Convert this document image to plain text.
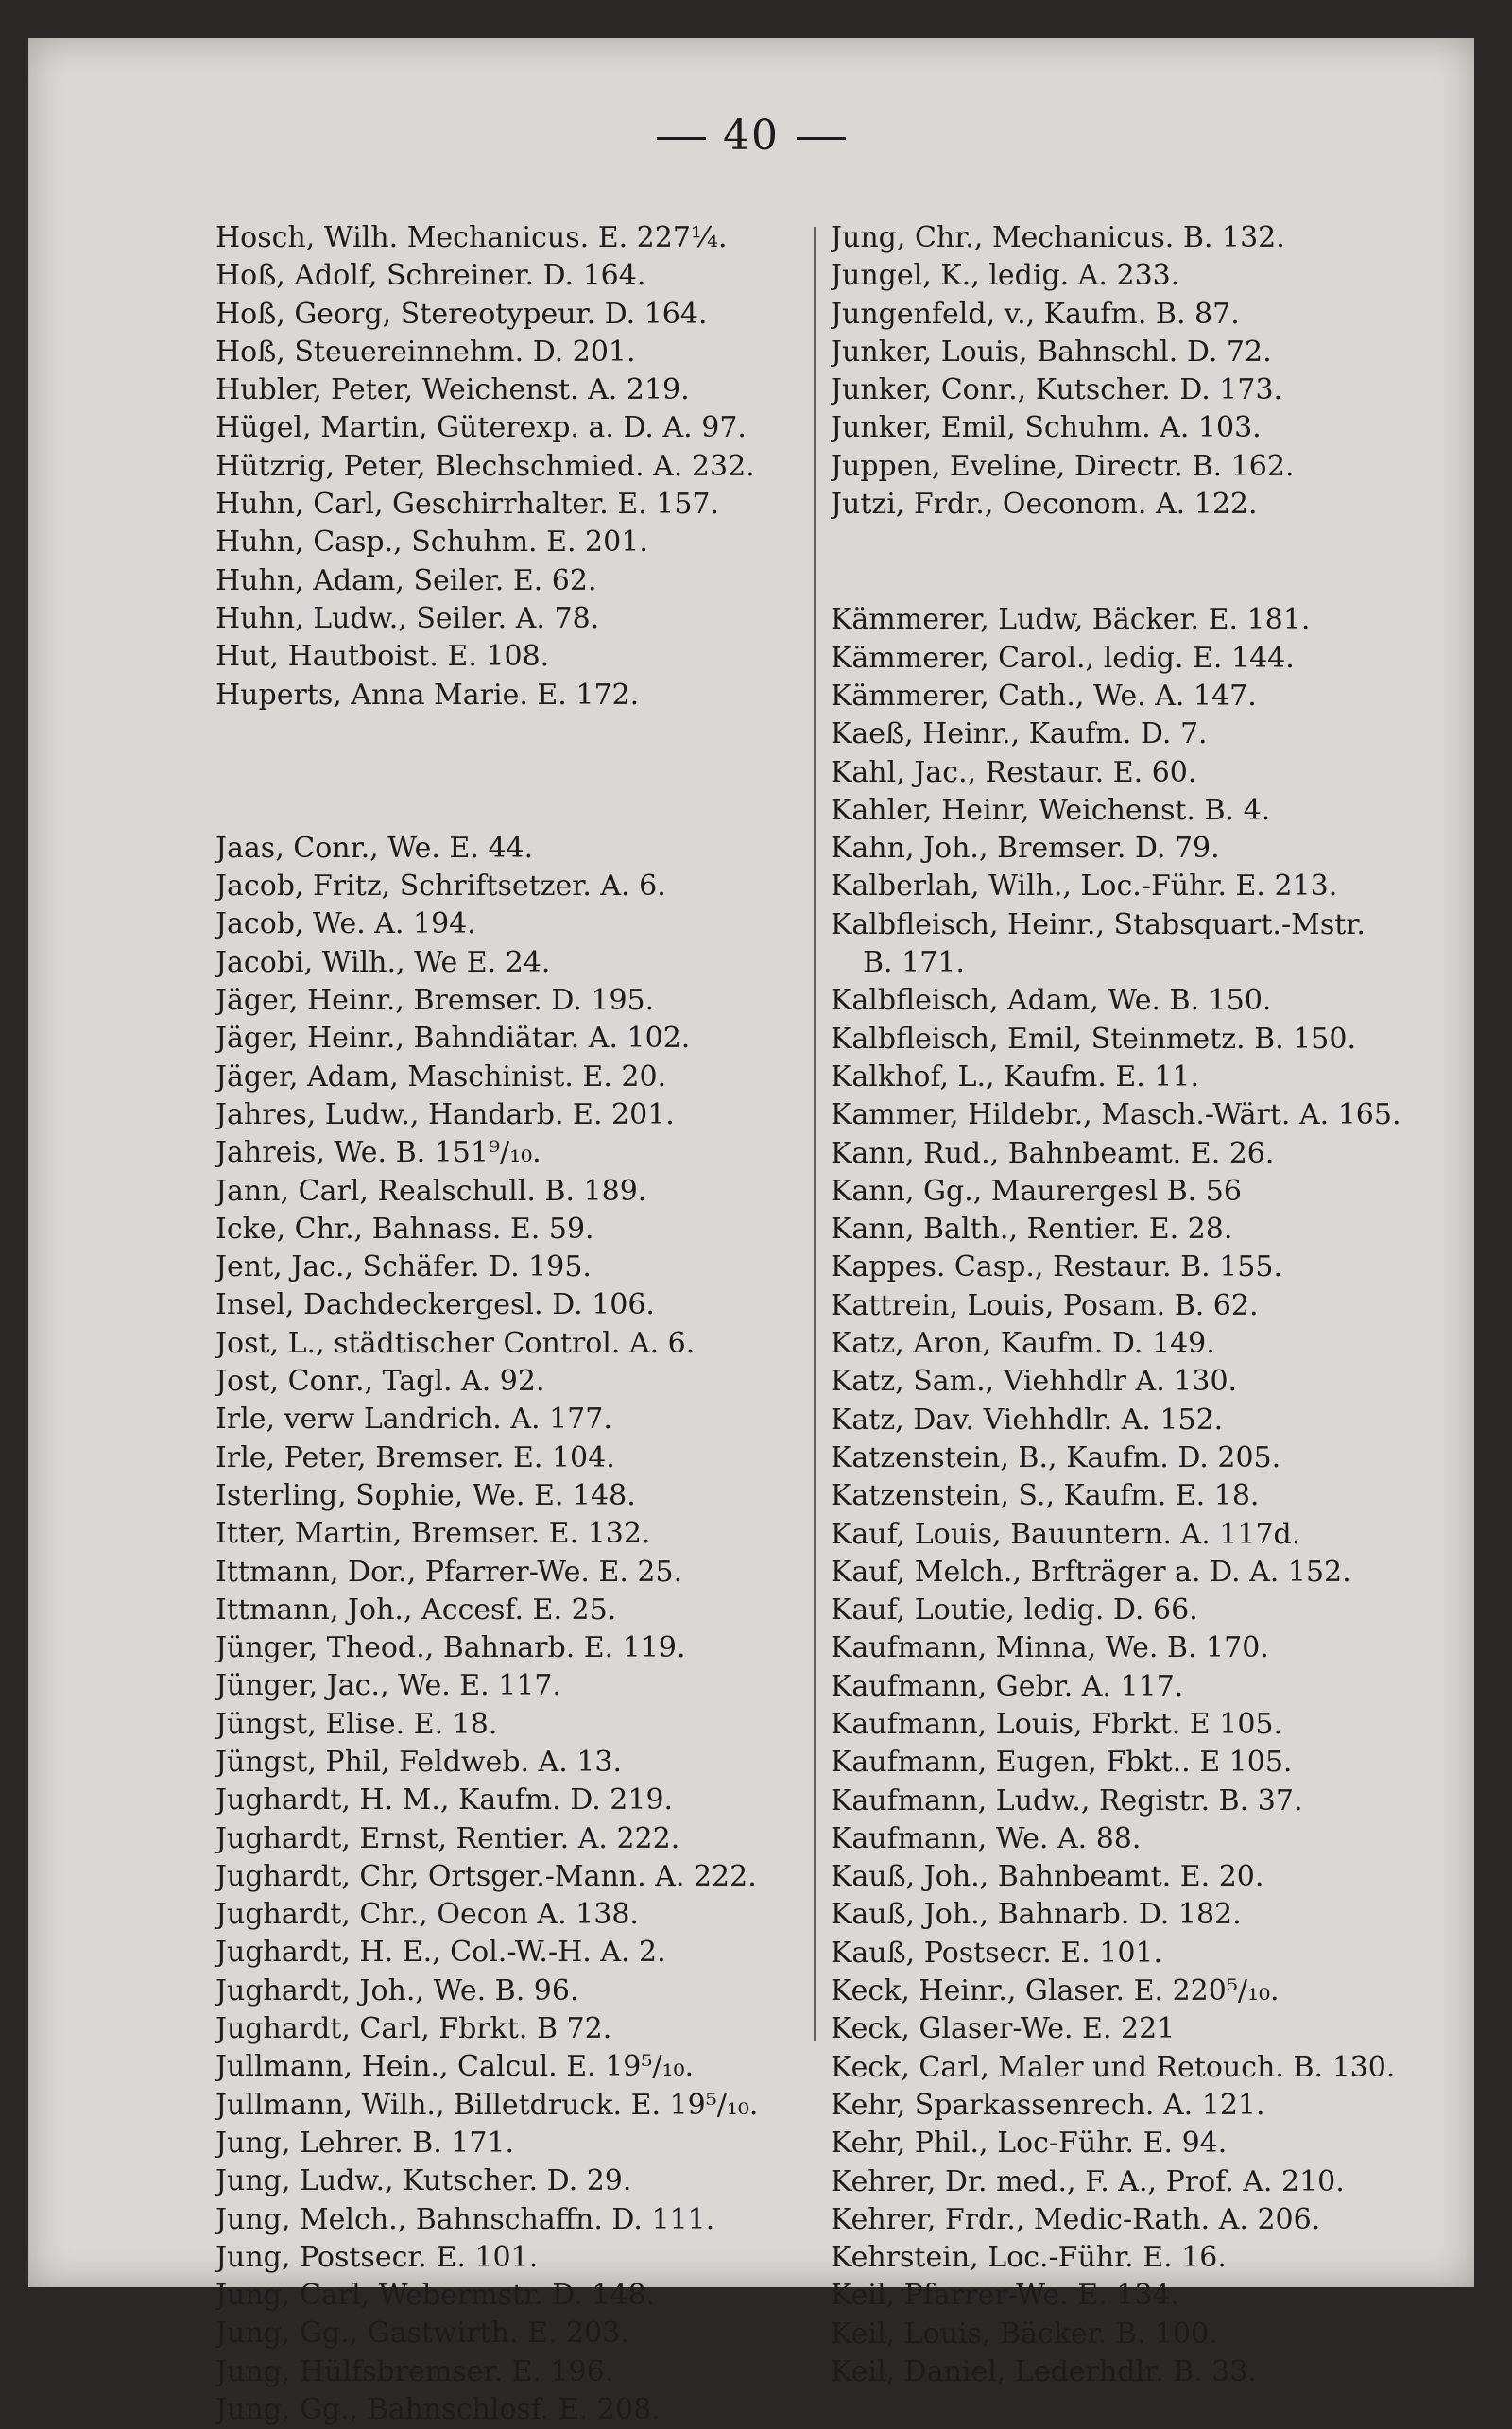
40
Hosch, Wilh. Mechanicus. E. 227¼.
Hoß, Adolf, Schreiner. D. 164.
Hoß, Georg, Stereotypeur. D. 164.
Hoß, Steuereinnehm. D. 201.
Hubler, Peter, Weichenst. A. 219.
Hügel, Martin, Güterexp. a. D. A. 97.
Hützrig, Peter, Blechschmied. A. 232.
Huhn, Carl, Geschirrhalter. E. 157.
Huhn, Casp., Schuhm. E. 201.
Huhn, Adam, Seiler. E. 62.
Huhn, Ludw., Seiler. A. 78.
Hut, Hautboist. E. 108.
Huperts, Anna Marie. E. 172.
Jaas, Conr., We. E. 44.
Jacob, Fritz, Schriftsetzer. A. 6.
Jacob, We. A. 194.
Jacobi, Wilh., We E. 24.
Jäger, Heinr., Bremser. D. 195.
Jäger, Heinr., Bahndiätar. A. 102.
Jäger, Adam, Maschinist. E. 20.
Jahres, Ludw., Handarb. E. 201.
Jahreis, We. B. 151⁹/₁₀.
Jann, Carl, Realschull. B. 189.
Icke, Chr., Bahnass. E. 59.
Jent, Jac., Schäfer. D. 195.
Insel, Dachdeckergesl. D. 106.
Jost, L., städtischer Control. A. 6.
Jost, Conr., Tagl. A. 92.
Irle, verw Landrich. A. 177.
Irle, Peter, Bremser. E. 104.
Isterling, Sophie, We. E. 148.
Itter, Martin, Bremser. E. 132.
Ittmann, Dor., Pfarrer-We. E. 25.
Ittmann, Joh., Accesf. E. 25.
Jünger, Theod., Bahnarb. E. 119.
Jünger, Jac., We. E. 117.
Jüngst, Elise. E. 18.
Jüngst, Phil, Feldweb. A. 13.
Jughardt, H. M., Kaufm. D. 219.
Jughardt, Ernst, Rentier. A. 222.
Jughardt, Chr, Ortsger.-Mann. A. 222.
Jughardt, Chr., Oecon A. 138.
Jughardt, H. E., Col.-W.-H. A. 2.
Jughardt, Joh., We. B. 96.
Jughardt, Carl, Fbrkt. B 72.
Jullmann, Hein., Calcul. E. 19⁵/₁₀.
Jullmann, Wilh., Billetdruck. E. 19⁵/₁₀.
Jung, Lehrer. B. 171.
Jung, Ludw., Kutscher. D. 29.
Jung, Melch., Bahnschaffn. D. 111.
Jung, Postsecr. E. 101.
Jung, Carl, Webermstr. D. 148.
Jung, Gg., Gastwirth. E. 203.
Jung, Hülfsbremser. E. 196.
Jung, Gg., Bahnschlosf. E. 208.
Jung, Chr., Mechanicus. B. 132.
Jungel, K., ledig. A. 233.
Jungenfeld, v., Kaufm. B. 87.
Junker, Louis, Bahnschl. D. 72.
Junker, Conr., Kutscher. D. 173.
Junker, Emil, Schuhm. A. 103.
Juppen, Eveline, Directr. B. 162.
Jutzi, Frdr., Oeconom. A. 122.
Kämmerer, Ludw, Bäcker. E. 181.
Kämmerer, Carol., ledig. E. 144.
Kämmerer, Cath., We. A. 147.
Kaeß, Heinr., Kaufm. D. 7.
Kahl, Jac., Restaur. E. 60.
Kahler, Heinr, Weichenst. B. 4.
Kahn, Joh., Bremser. D. 79.
Kalberlah, Wilh., Loc.-Führ. E. 213.
Kalbfleisch, Heinr., Stabsquart.-Mstr.
B. 171.
Kalbfleisch, Adam, We. B. 150.
Kalbfleisch, Emil, Steinmetz. B. 150.
Kalkhof, L., Kaufm. E. 11.
Kammer, Hildebr., Masch.-Wärt. A. 165.
Kann, Rud., Bahnbeamt. E. 26.
Kann, Gg., Maurergesl B. 56
Kann, Balth., Rentier. E. 28.
Kappes. Casp., Restaur. B. 155.
Kattrein, Louis, Posam. B. 62.
Katz, Aron, Kaufm. D. 149.
Katz, Sam., Viehhdlr A. 130.
Katz, Dav. Viehhdlr. A. 152.
Katzenstein, B., Kaufm. D. 205.
Katzenstein, S., Kaufm. E. 18.
Kauf, Louis, Bauuntern. A. 117d.
Kauf, Melch., Brfträger a. D. A. 152.
Kauf, Loutie, ledig. D. 66.
Kaufmann, Minna, We. B. 170.
Kaufmann, Gebr. A. 117.
Kaufmann, Louis, Fbrkt. E 105.
Kaufmann, Eugen, Fbkt.. E 105.
Kaufmann, Ludw., Registr. B. 37.
Kaufmann, We. A. 88.
Kauß, Joh., Bahnbeamt. E. 20.
Kauß, Joh., Bahnarb. D. 182.
Kauß, Postsecr. E. 101.
Keck, Heinr., Glaser. E. 220⁵/₁₀.
Keck, Glaser-We. E. 221
Keck, Carl, Maler und Retouch. B. 130.
Kehr, Sparkassenrech. A. 121.
Kehr, Phil., Loc-Führ. E. 94.
Kehrer, Dr. med., F. A., Prof. A. 210.
Kehrer, Frdr., Medic-Rath. A. 206.
Kehrstein, Loc.-Führ. E. 16.
Keil, Pfarrer-We. E. 134.
Keil, Louis, Bäcker. B. 100.
Keil, Daniel, Lederhdlr. B. 33.
